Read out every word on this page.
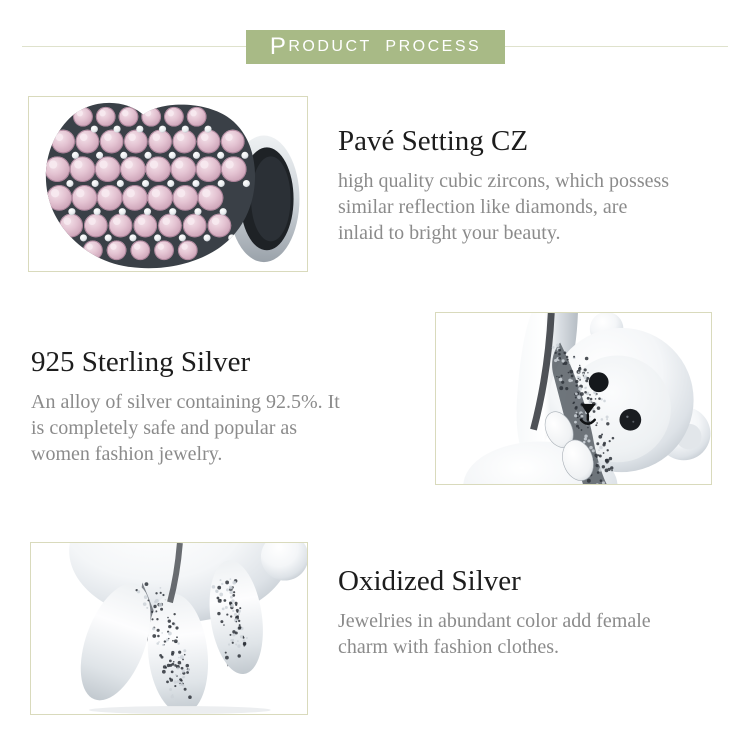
P RODUCT PROCESS
Pavé Setting CZ
high quality cubic zircons, which possess
similar reflection like diamonds, are
inlaid to bright your beauty.
925 Sterling Silver
An alloy of silver containing 92.5%. It
is completely safe and popular as
women fashion jewelry.
Oxidized Silver
Jewelries in abundant color add female
charm with fashion clothes.
